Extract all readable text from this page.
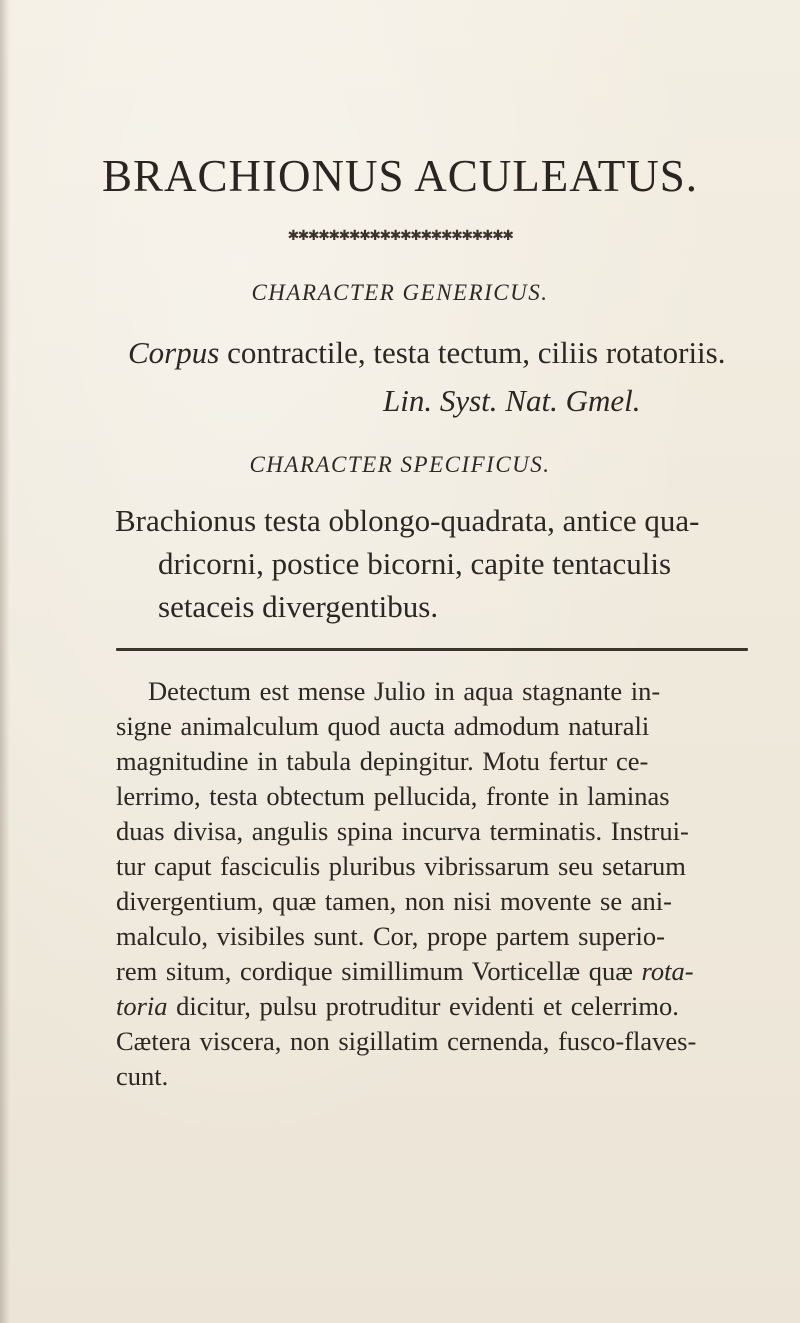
BRACHIONUS ACULEATUS.
✱✱✱✱✱✱✱✱✱✱✱✱✱✱✱✱✱✱✱✱✱✱
CHARACTER GENERICUS.
Corpus contractile, testa tectum, ciliis rotatoriis.
Lin. Syst. Nat. Gmel.
CHARACTER SPECIFICUS.
Brachionus testa oblongo-quadrata, antice qua-
dricorni, postice bicorni, capite tentaculis
setaceis divergentibus.
Detectum est mense Julio in aqua stagnante in-
signe animalculum quod aucta admodum naturali
magnitudine in tabula depingitur. Motu fertur ce-
lerrimo, testa obtectum pellucida, fronte in laminas
duas divisa, angulis spina incurva terminatis. Instrui-
tur caput fasciculis pluribus vibrissarum seu setarum
divergentium, quæ tamen, non nisi movente se ani-
malculo, visibiles sunt. Cor, prope partem superio-
rem situm, cordique simillimum Vorticellæ quæ rota-
toria dicitur, pulsu protruditur evidenti et celerrimo.
Cætera viscera, non sigillatim cernenda, fusco-flaves-
cunt.
